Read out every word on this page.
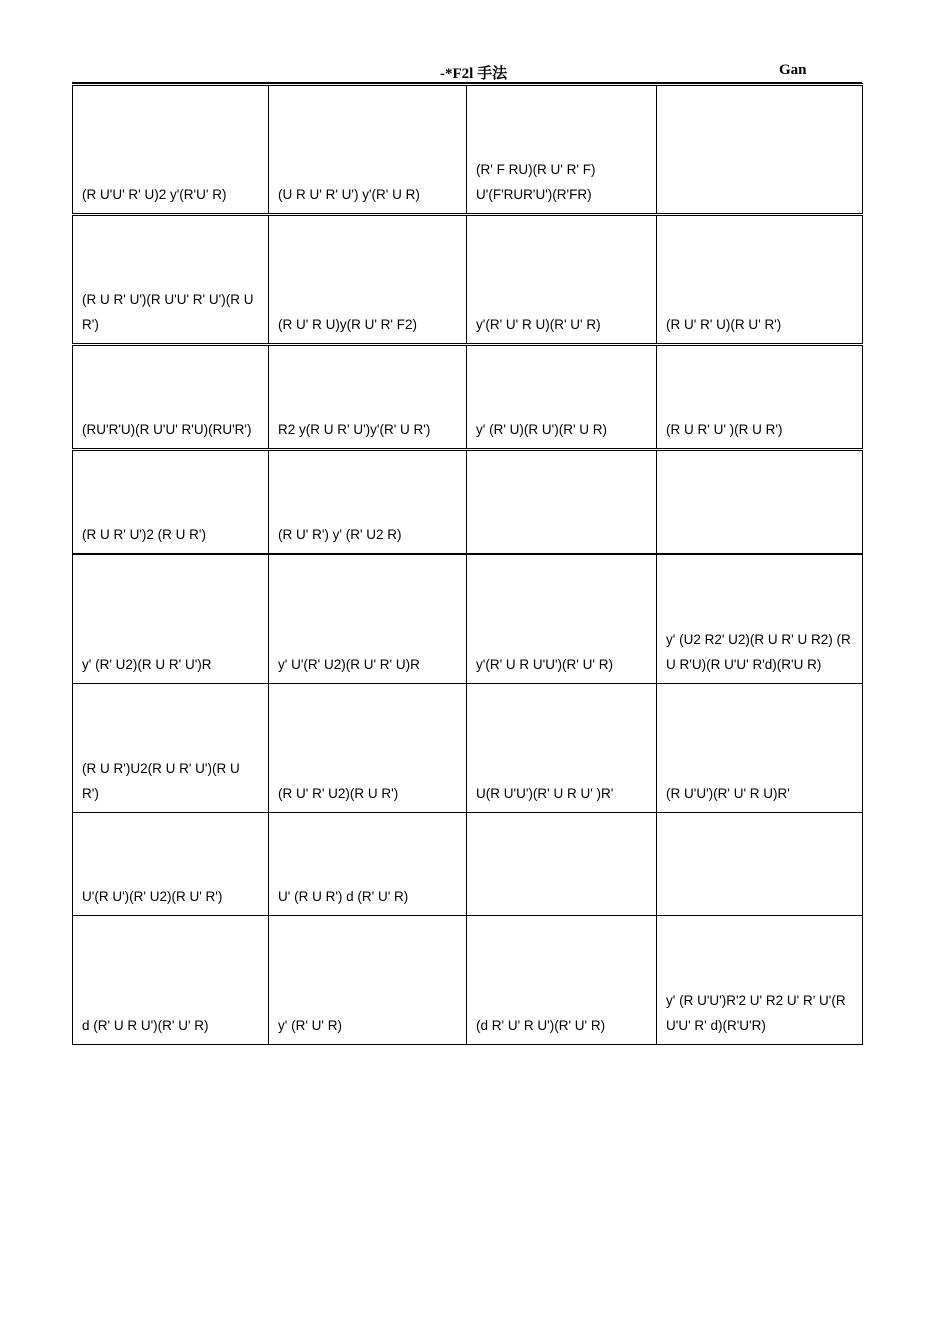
-*F2l 手法	Gan
(R U'U' R' U)2 y'(R'U' R)	(U R U' R' U') y'(R' U R)	(R' F RU)(R U' R' F) U'(F'RUR'U')(R'FR)	
(R U R' U')(R U'U' R' U')(R U R')	(R U' R U)y(R U' R' F2)	y'(R' U' R U)(R' U' R)	(R U' R' U)(R U' R')
(RU'R'U)(R U'U' R'U)(RU'R')	R2 y(R U R' U')y'(R' U R')	y' (R' U)(R U')(R' U R)	(R U R' U' )(R U R')
(R U R' U')2 (R U R')	(R U' R') y' (R' U2 R)		
y' (R' U2)(R U R' U')R	y' U'(R' U2)(R U' R' U)R	y'(R' U R U'U')(R' U' R)	y' (U2 R2' U2)(R U R' U R2) (R U R'U)(R U'U' R'd)(R'U R)
(R U R')U2(R U R' U')(R U R')	(R U' R' U2)(R U R')	U(R U'U')(R' U R U' )R'	(R U'U')(R' U' R U)R'
U'(R U')(R' U2)(R U' R')	U' (R U R') d (R' U' R)		
d (R' U R U')(R' U' R)	y' (R' U' R)	(d R' U' R U')(R' U' R)	y' (R U'U')R'2 U' R2 U' R' U'(R U'U' R' d)(R'U'R)
